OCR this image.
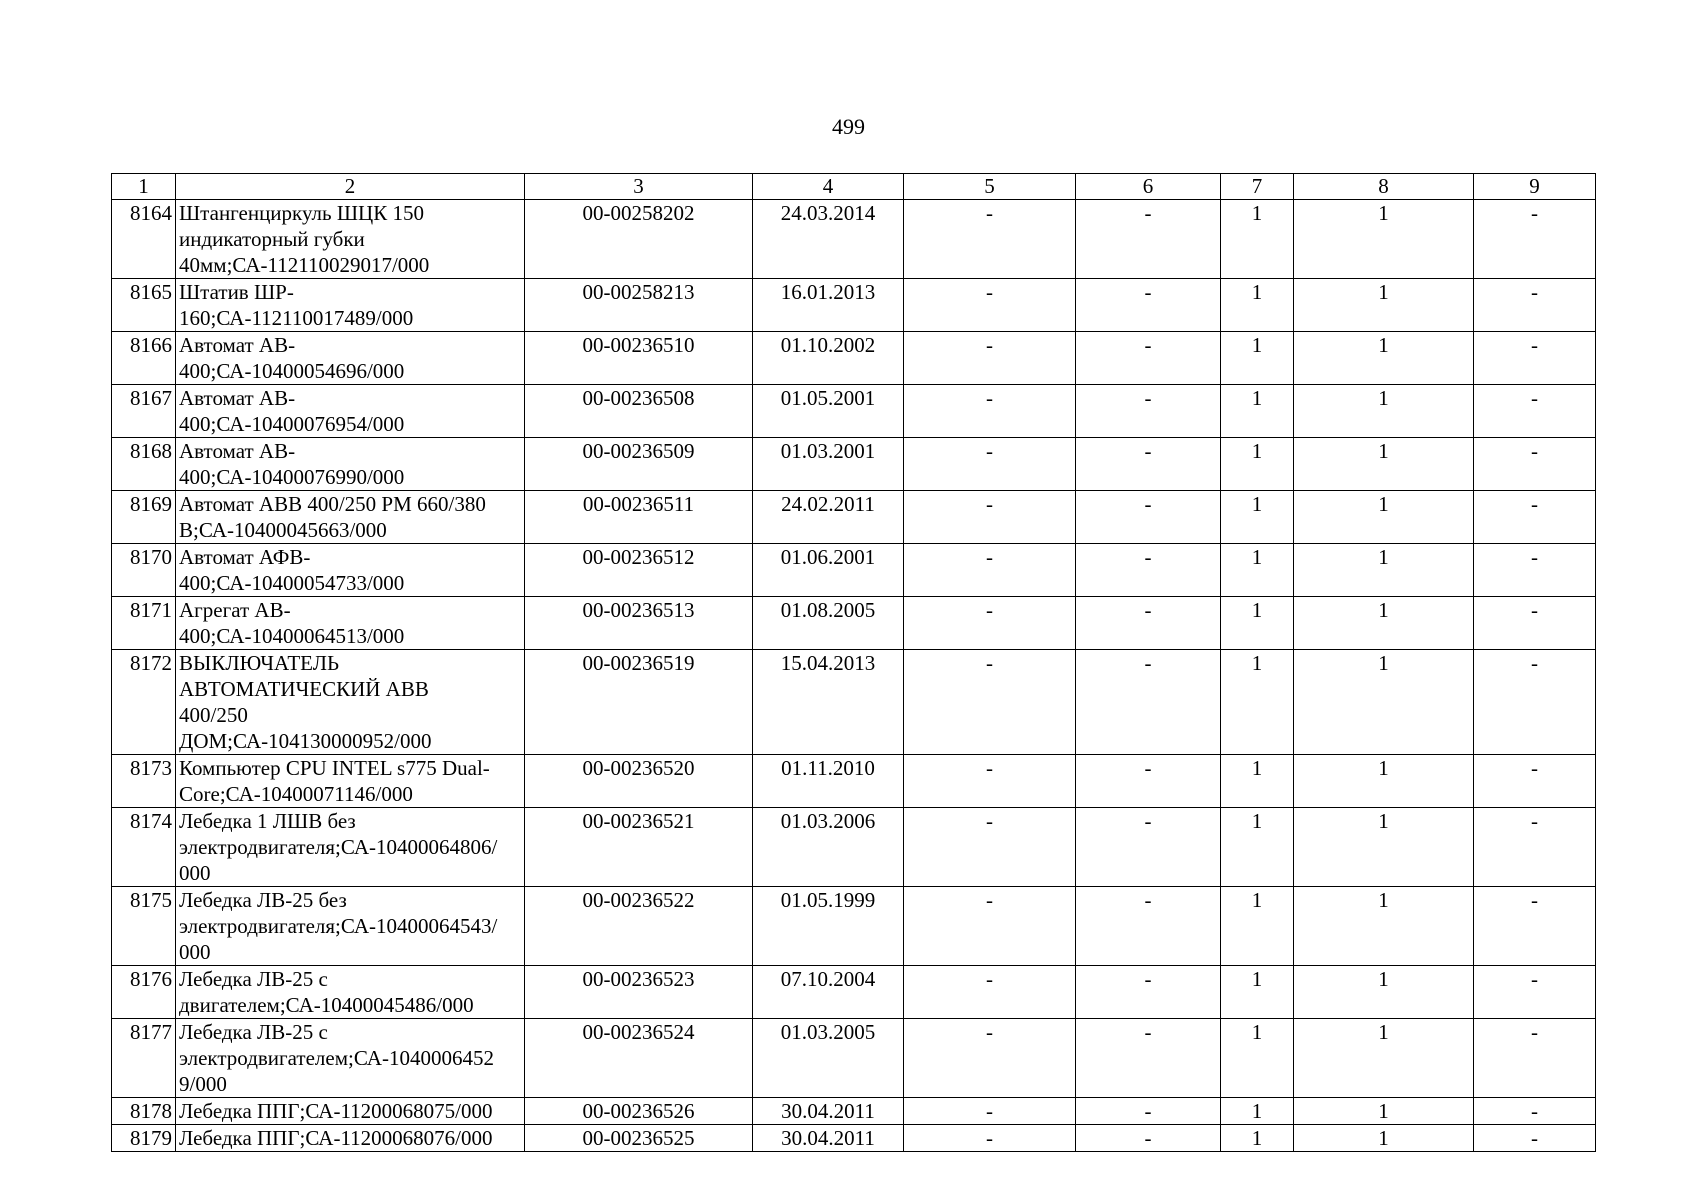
499
1	2	3	4	5	6	7	8	9
8164	Штангенциркуль ШЦК 150
индикаторный губки
40мм;СА-112110029017/000	00-00258202	24.03.2014	-	-	1	1	-
8165	Штатив ШР-
160;СА-112110017489/000	00-00258213	16.01.2013	-	-	1	1	-
8166	Автомат АВ-
400;СА-10400054696/000	00-00236510	01.10.2002	-	-	1	1	-
8167	Автомат АВ-
400;СА-10400076954/000	00-00236508	01.05.2001	-	-	1	1	-
8168	Автомат АВ-
400;СА-10400076990/000	00-00236509	01.03.2001	-	-	1	1	-
8169	Автомат АВВ 400/250 РМ 660/380
В;СА-10400045663/000	00-00236511	24.02.2011	-	-	1	1	-
8170	Автомат АФВ-
400;СА-10400054733/000	00-00236512	01.06.2001	-	-	1	1	-
8171	Агрегат АВ-
400;СА-10400064513/000	00-00236513	01.08.2005	-	-	1	1	-
8172	ВЫКЛЮЧАТЕЛЬ
АВТОМАТИЧЕСКИЙ АВВ
400/250
ДОМ;СА-104130000952/000	00-00236519	15.04.2013	-	-	1	1	-
8173	Компьютер CPU INTEL s775 Dual-
Core;СА-10400071146/000	00-00236520	01.11.2010	-	-	1	1	-
8174	Лебедка 1 ЛШВ без
электродвигателя;СА-10400064806/
000	00-00236521	01.03.2006	-	-	1	1	-
8175	Лебедка ЛВ-25 без
электродвигателя;СА-10400064543/
000	00-00236522	01.05.1999	-	-	1	1	-
8176	Лебедка ЛВ-25 с
двигателем;СА-10400045486/000	00-00236523	07.10.2004	-	-	1	1	-
8177	Лебедка ЛВ-25 с
электродвигателем;СА-1040006452
9/000	00-00236524	01.03.2005	-	-	1	1	-
8178	Лебедка ППГ;СА-11200068075/000	00-00236526	30.04.2011	-	-	1	1	-
8179	Лебедка ППГ;СА-11200068076/000	00-00236525	30.04.2011	-	-	1	1	-
